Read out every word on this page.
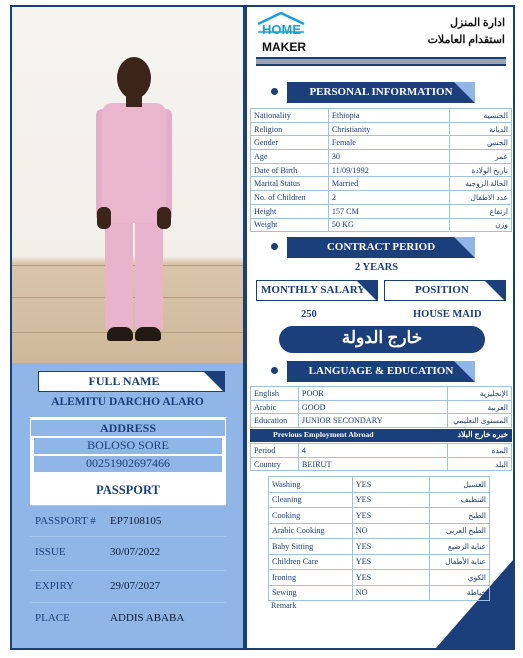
FULL NAME
ALEMITU DARCHO ALARO
ADDRESS
BOLOSO SORE
00251902697466
PASSPORT
PASSPORT # EP7108105
ISSUE	30/07/2022
EXPIRY	29/07/2027
PLACE	ADDIS ABABA
HOME
MAKER
ادارة المنزل
استقدام العاملات
PERSONAL INFORMATION
Nationality	Ethiopia	الجنسية
Religion	Christianity	الديانة
Gender	Female	الجنس
Age	30	عمر
Date of Birth	11/09/1992	تاريخ الولادة
Marital Status	Married	الحالة الزوجية
No. of Children	2	عدد الاطفال
Height	157 CM	ارتفاع
Weight	50 KG	وزن
CONTRACT PERIOD
2 YEARS
MONTHLY SALARY	POSITION
250	HOUSE MAID
خارج الدولة
LANGUAGE & EDUCATION
English	POOR	الإنجليزية
Arabic	GOOD	العربية
Education	JUNIOR SECONDARY	المستوى التعليمي
Previous Employment Abroad	خبره خارج البلاد
Period	4	المده
Country	BEIRUT	البلد
Washing	YES	الغسيل
Cleaning	YES	التنظيف
Cooking	YES	الطبخ
Arabic Cooking	NO	الطبخ العربي
Baby Sitting	YES	عناية الرضيع
Children Care	YES	عناية الأطفال
Ironing	YES	الكوي
Sewing	NO	خياطة
Remark
